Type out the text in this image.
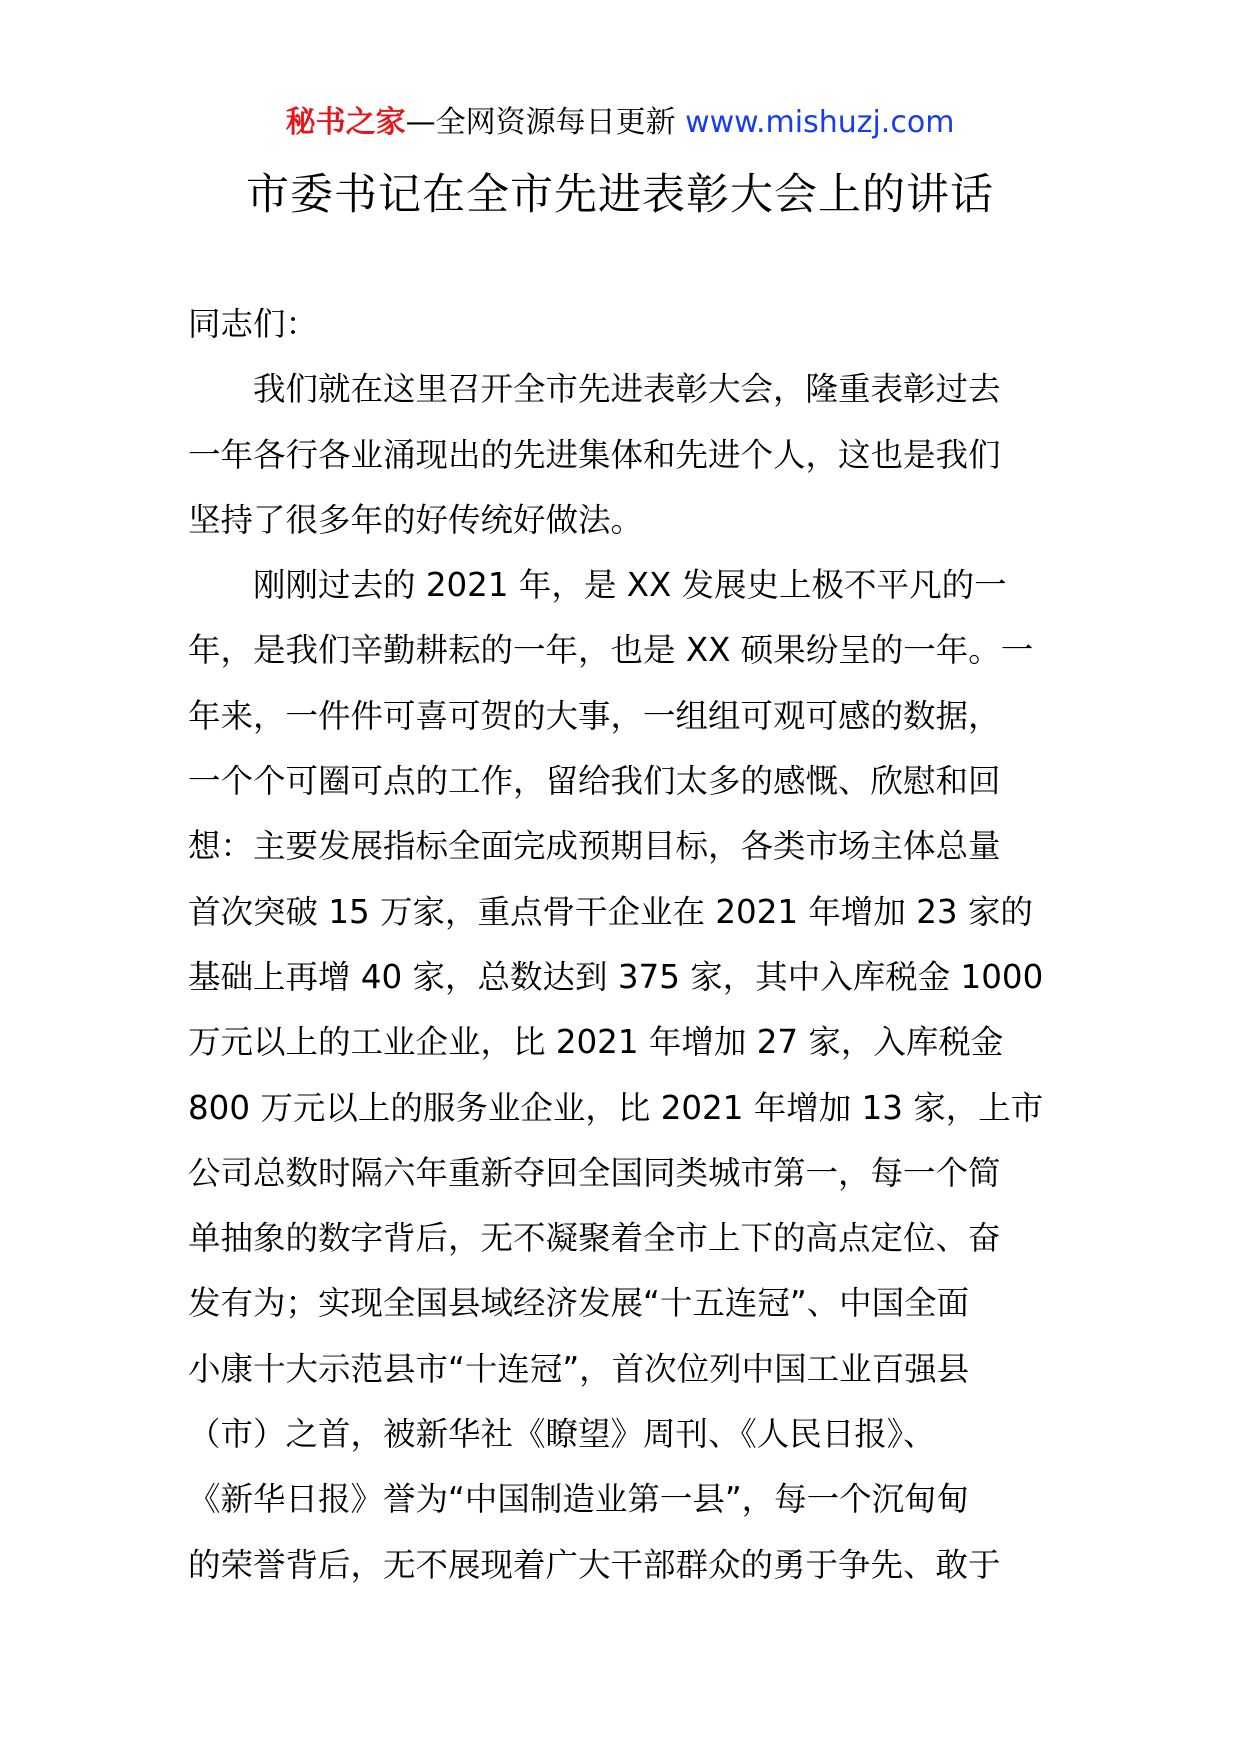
秘书之家—全网资源每日更新 www.mishuzj.com
市委书记在全市先进表彰大会上的讲话
同志们：
我们就在这里召开全市先进表彰大会，隆重表彰过去
一年各行各业涌现出的先进集体和先进个人，这也是我们
坚持了很多年的好传统好做法。
刚刚过去的 2021 年，是 XX 发展史上极不平凡的一
年，是我们辛勤耕耘的一年，也是 XX 硕果纷呈的一年。一
年来，一件件可喜可贺的大事，一组组可观可感的数据，
一个个可圈可点的工作，留给我们太多的感慨、欣慰和回
想：主要发展指标全面完成预期目标，各类市场主体总量
首次突破 15 万家，重点骨干企业在 2021 年增加 23 家的
基础上再增 40 家，总数达到 375 家，其中入库税金 1000
万元以上的工业企业，比 2021 年增加 27 家，入库税金
800 万元以上的服务业企业，比 2021 年增加 13 家，上市
公司总数时隔六年重新夺回全国同类城市第一，每一个简
单抽象的数字背后，无不凝聚着全市上下的高点定位、奋
发有为；实现全国县域经济发展“十五连冠”、中国全面
小康十大示范县市“十连冠”，首次位列中国工业百强县
（市）之首，被新华社《瞭望》周刊、《人民日报》、
《新华日报》誉为“中国制造业第一县”，每一个沉甸甸
的荣誉背后，无不展现着广大干部群众的勇于争先、敢于
